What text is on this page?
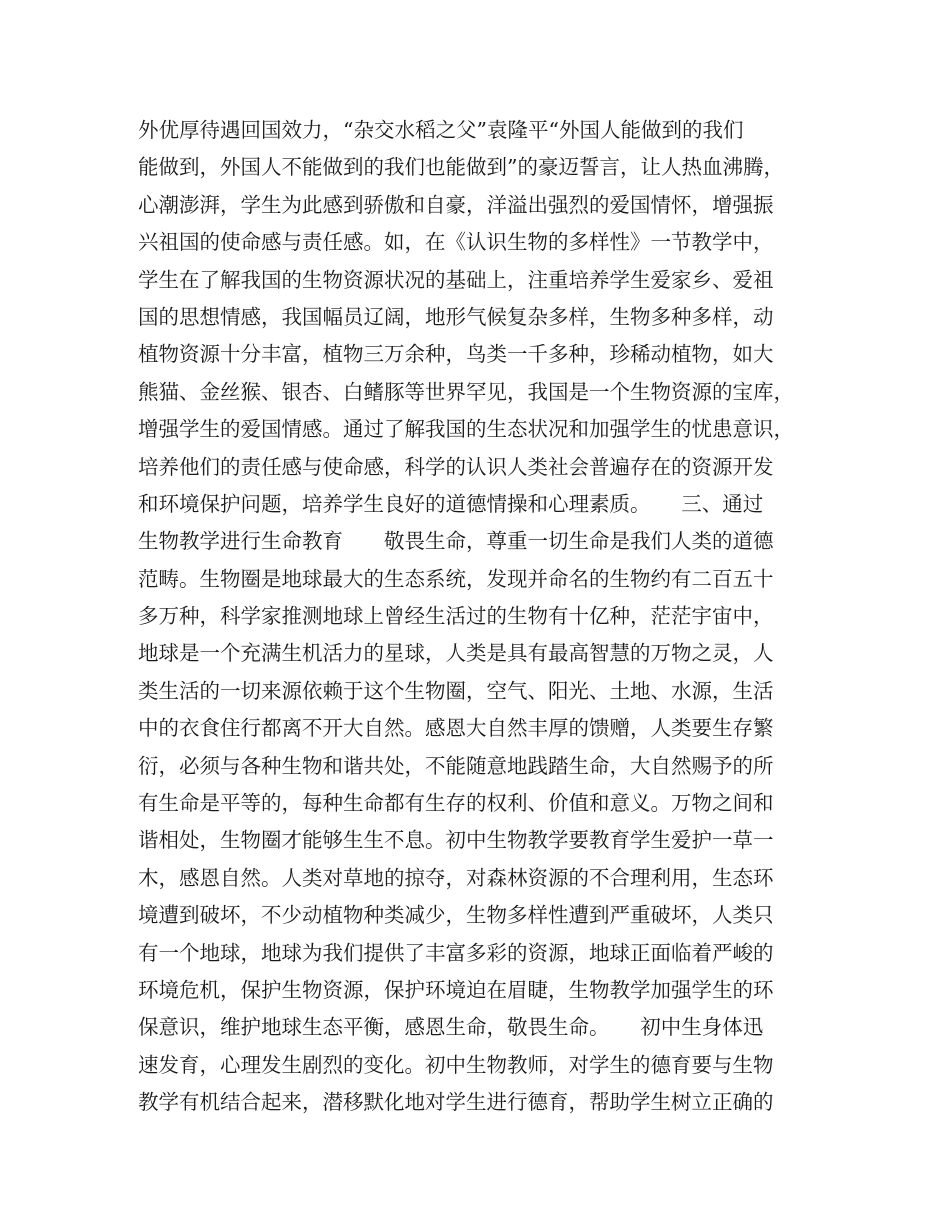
外优厚待遇回国效力，“杂交水稻之父”袁隆平“外国人能做到的我们
能做到，外国人不能做到的我们也能做到”的豪迈誓言，让人热血沸腾，
心潮澎湃，学生为此感到骄傲和自豪，洋溢出强烈的爱国情怀，增强振
兴祖国的使命感与责任感。如，在《认识生物的多样性》一节教学中，
学生在了解我国的生物资源状况的基础上，注重培养学生爱家乡、爱祖
国的思想情感，我国幅员辽阔，地形气候复杂多样，生物多种多样，动
植物资源十分丰富，植物三万余种，鸟类一千多种，珍稀动植物，如大
熊猫、金丝猴、银杏、白鳍豚等世界罕见，我国是一个生物资源的宝库，
增强学生的爱国情感。通过了解我国的生态状况和加强学生的忧患意识，
培养他们的责任感与使命感，科学的认识人类社会普遍存在的资源开发
和环境保护问题，培养学生良好的道德情操和心理素质。　　三、通过
生物教学进行生命教育　　敬畏生命，尊重一切生命是我们人类的道德
范畴。生物圈是地球最大的生态系统，发现并命名的生物约有二百五十
多万种，科学家推测地球上曾经生活过的生物有十亿种，茫茫宇宙中，
地球是一个充满生机活力的星球，人类是具有最高智慧的万物之灵，人
类生活的一切来源依赖于这个生物圈，空气、阳光、土地、水源，生活
中的衣食住行都离不开大自然。感恩大自然丰厚的馈赠，人类要生存繁
衍，必须与各种生物和谐共处，不能随意地践踏生命，大自然赐予的所
有生命是平等的，每种生命都有生存的权利、价值和意义。万物之间和
谐相处，生物圈才能够生生不息。初中生物教学要教育学生爱护一草一
木，感恩自然。人类对草地的掠夺，对森林资源的不合理利用，生态环
境遭到破坏，不少动植物种类减少，生物多样性遭到严重破坏，人类只
有一个地球，地球为我们提供了丰富多彩的资源，地球正面临着严峻的
环境危机，保护生物资源，保护环境迫在眉睫，生物教学加强学生的环
保意识，维护地球生态平衡，感恩生命，敬畏生命。　　初中生身体迅
速发育，心理发生剧烈的变化。初中生物教师，对学生的德育要与生物
教学有机结合起来，潜移默化地对学生进行德育，帮助学生树立正确的
